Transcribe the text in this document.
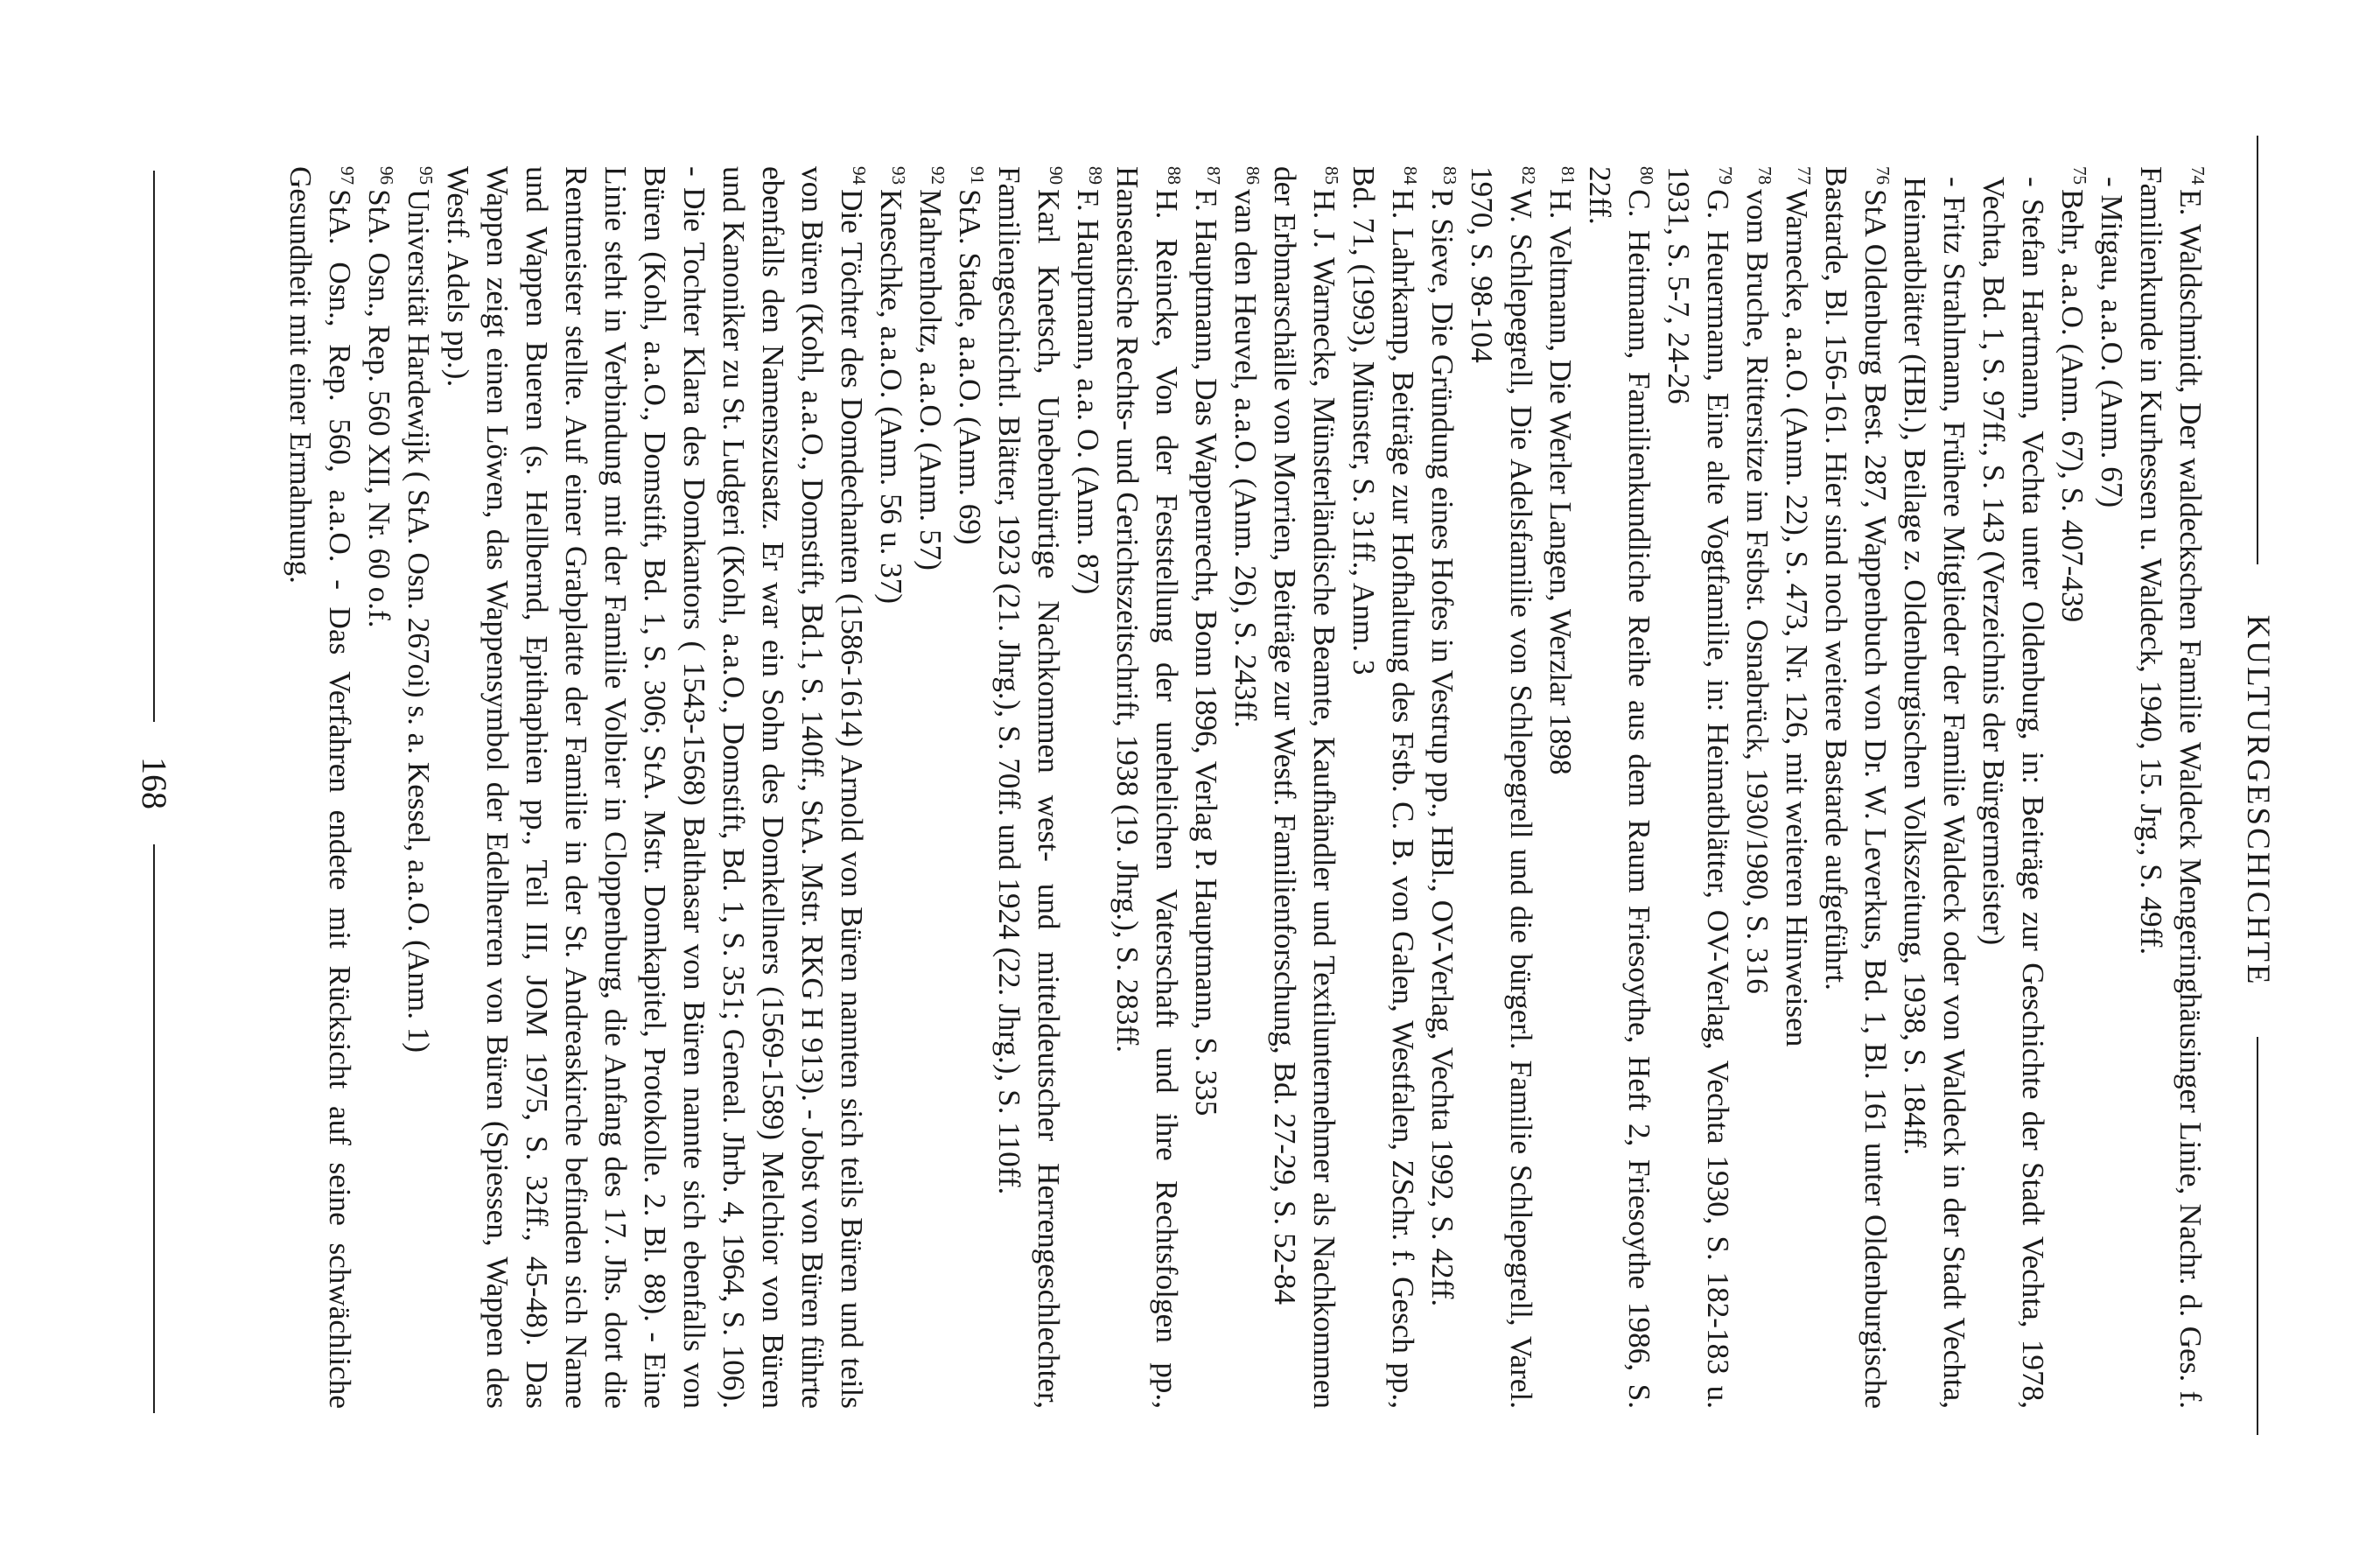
KULTURGESCHICHTE

$^{74}$E. Waldschmidt, Der waldeckschen Familie Waldeck Mengeringhäusinger Linie, Nachr. d. Ges. f. Familienkunde in Kurhessen u. Waldeck, 1940, 15. Jrg., S. 49ff.

- Mitgau, a.a.O. (Anm. 67)

$^{75}$Behr, a.a.O. (Anm. 67), S. 407-439

- Stefan Hartmann, Vechta unter Oldenburg, in: Beiträge zur Geschichte der Stadt Vechta, 1978, Vechta, Bd. 1, S. 97ff., S. 143 (Verzeichnis der Bürgermeister)

- Fritz Strahlmann, Frühere Mitglieder der Familie Waldeck oder von Waldeck in der Stadt Vechta, Heimatblätter (HBl.), Beilage z. Oldenburgischen Volkszeitung, 1938, S. 184ff.

$^{76}$StA Oldenburg Best. 287, Wappenbuch von Dr. W. Leverkus, Bd. 1, Bl. 161 unter Oldenburgische Bastarde, Bl. 156-161. Hier sind noch weitere Bastarde aufgeführt.

$^{77}$Warnecke, a.a.O. (Anm. 22), S. 473, Nr. 126, mit weiteren Hinweisen

$^{78}$vom Bruche, Rittersitze im Fstbst. Osnabrück, 1930/1980, S. 316

$^{79}$G. Heuermann, Eine alte Vogtfamilie, in: Heimatblätter, OV-Verlag, Vechta 1930, S. 182-183 u. 1931, S. 5-7, 24-26

$^{80}$C. Heitmann, Familienkundliche Reihe aus dem Raum Friesoythe, Heft 2, Friesoythe 1986, S. 22ff.

$^{81}$H. Veltmann, Die Werler Langen, Werzlar 1898

$^{82}$W. Schlepegrell, Die Adelsfamilie von Schlepegrell und die bürgerl. Familie Schlepegrell, Varel. 1970, S. 98-104

$^{83}$P. Sieve, Die Gründung eines Hofes in Vestrup pp., HBl., OV-Verlag, Vechta 1992, S. 42ff.

$^{84}$H. Lahrkamp, Beiträge zur Hofhaltung des Fstb. C. B. von Galen, Westfalen, ZSchr. f. Gesch pp., Bd. 71, (1993), Münster, S. 31ff., Anm. 3

$^{85}$H. J. Warnecke, Münsterländische Beamte, Kaufhändler und Textilunternehmer als Nachkommen der Erbmarschälle von Morrien, Beiträge zur Westf. Familienforschung, Bd. 27-29, S. 52-84

$^{86}$van den Heuvel, a.a.O. (Anm. 26), S. 243ff.

$^{87}$F. Hauptmann, Das Wappenrecht, Bonn 1896, Verlag P. Hauptmann, S. 335

$^{88}$H. Reincke, Von der Feststellung der unehelichen Vaterschaft und ihre Rechtsfolgen pp., Hanseatische Rechts- und Gerichtszeitschrift, 1938 (19. Jhrg.), S. 283ff.

$^{89}$F. Hauptmann, a.a. O. (Anm. 87)

$^{90}$Karl Knetsch, Unebenbürtige Nachkommen west- und mitteldeutscher Herrengeschlechter, Familiengeschichtl. Blätter, 1923 (21. Jhrg.), S. 70ff. und 1924 (22. Jhrg.), S. 110ff.

$^{91}$StA. Stade, a.a.O. (Anm. 69)

$^{92}$Mahrenholtz, a.a.O. (Anm. 57)

$^{93}$Kneschke, a.a.O. (Anm. 56 u. 37)

$^{94}$Die Töchter des Domdechanten (1586-1614) Arnold von Büren nannten sich teils Büren und teils von Büren (Kohl, a.a.O., Domstift, Bd.1, S. 140ff., StA. Mstr. RKG H 913). - Jobst von Büren führte ebenfalls den Namenszusatz. Er war ein Sohn des Domkellners (1569-1589) Melchior von Büren und Kanoniker zu St. Ludgeri (Kohl, a.a.O., Domstift, Bd. 1, S. 351; Geneal. Jhrb. 4, 1964, S. 106). - Die Tochter Klara des Domkantors ( 1543-1568) Balthasar von Büren nannte sich ebenfalls von Büren (Kohl, a.a.O., Domstift, Bd. 1, S. 306; StA. Mstr. Domkapitel, Protokolle. 2. Bl. 88). - Eine Linie steht in Verbindung mit der Familie Volbier in Cloppenburg, die Anfang des 17. Jhs. dort die Rentmeister stellte. Auf einer Grabplatte der Familie in der St. Andreaskirche befinden sich Name und Wappen Bueren (s. Hellbernd, Epithaphien pp., Teil III, JOM 1975, S. 32ff., 45-48). Das Wappen zeigt einen Löwen, das Wappensymbol der Edelherren von Büren (Spiessen, Wappen des Westf. Adels pp.).

$^{95}$Universität Hardewijk ( StA. Osn. 267oi) s. a. Kessel, a.a.O. (Anm. 1)

$^{96}$StA. Osn., Rep. 560 XII, Nr. 60 o.f.

$^{97}$StA. Osn., Rep. 560, a.a.O. - Das Verfahren endete mit Rücksicht auf seine schwächliche Gesundheit mit einer Ermahnung.

168
